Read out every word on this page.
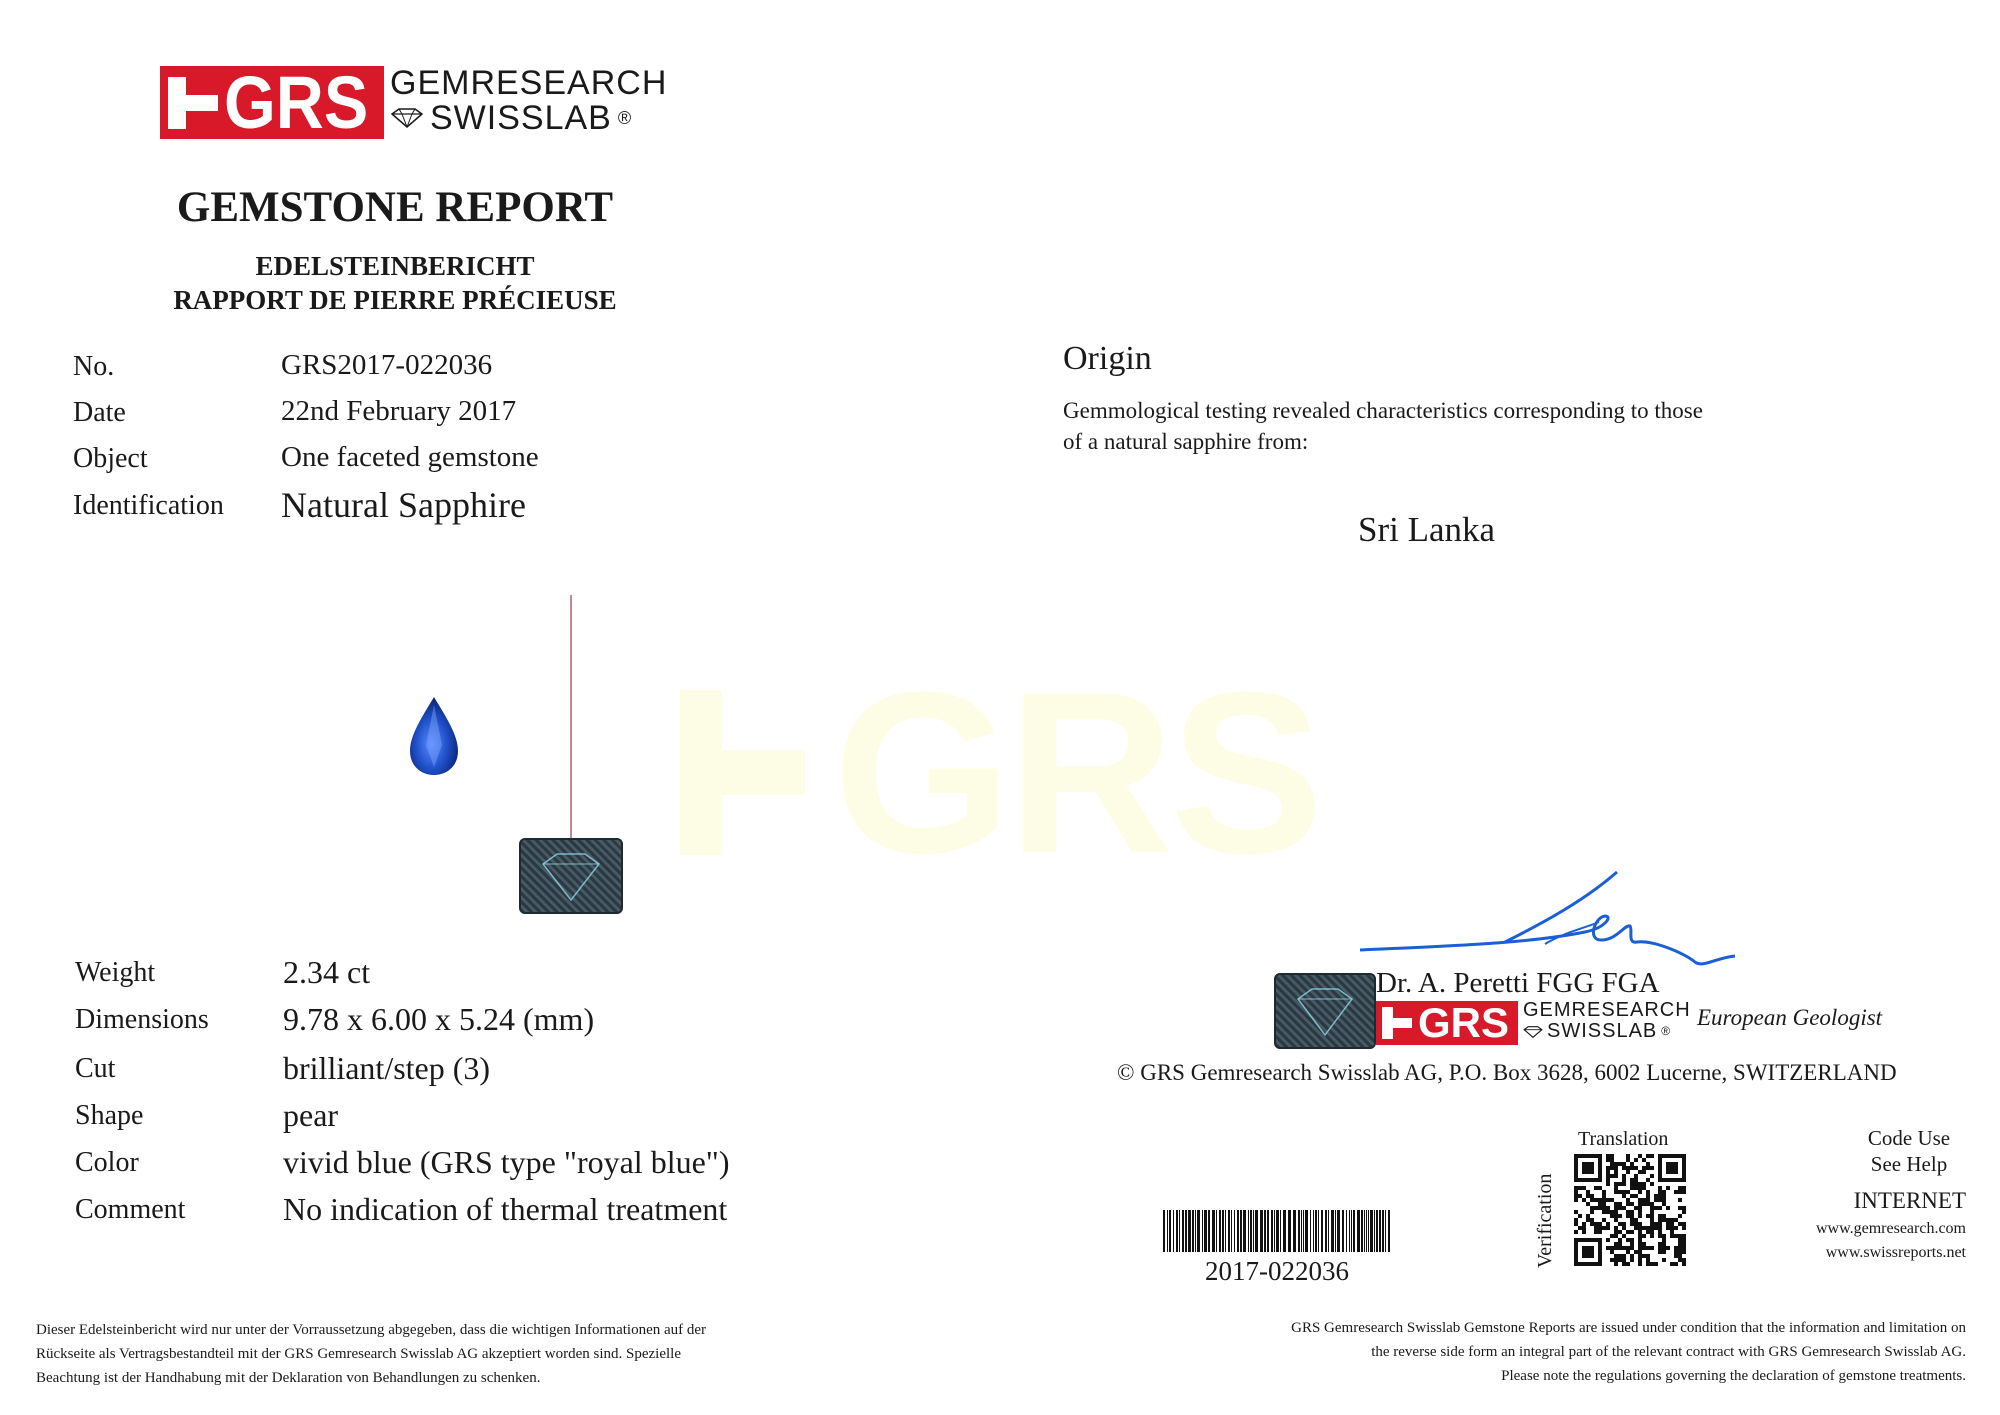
GRS
GRS GEMRESEARCH
SWISSLAB ®
GEMSTONE REPORT
EDELSTEINBERICHT
RAPPORT DE PIERRE PRÉCIEUSE
No.	GRS2017-022036
Date	22nd February 2017
Object	One faceted gemstone
Identification Natural Sapphire
Weight	2.34 ct
Dimensions 9.78 x 6.00 x 5.24 (mm)
Cut	brilliant/step (3)
Shape	pear
Color	vivid blue (GRS type "royal blue")
Comment	No indication of thermal treatment
Origin
Gemmological testing revealed characteristics corresponding to those
of a natural sapphire from:
Sri Lanka
Dr. A. Peretti FGG FGA
GRS GEMRESEARCH
SWISSLAB ®
European Geologist
© GRS Gemresearch Swisslab AG, P.O. Box 3628, 6002 Lucerne, SWITZERLAND
2017-022036
Translation
Verification
Code Use
See Help
INTERNET
www.gemresearch.com
www.swissreports.net
Dieser Edelsteinbericht wird nur unter der Vorraussetzung abgegeben, dass die wichtigen Informationen auf der
Rückseite als Vertragsbestandteil mit der GRS Gemresearch Swisslab AG akzeptiert worden sind. Spezielle
Beachtung ist der Handhabung mit der Deklaration von Behandlungen zu schenken.
GRS Gemresearch Swisslab Gemstone Reports are issued under condition that the information and limitation on
the reverse side form an integral part of the relevant contract with GRS Gemresearch Swisslab AG.
Please note the regulations governing the declaration of gemstone treatments.
